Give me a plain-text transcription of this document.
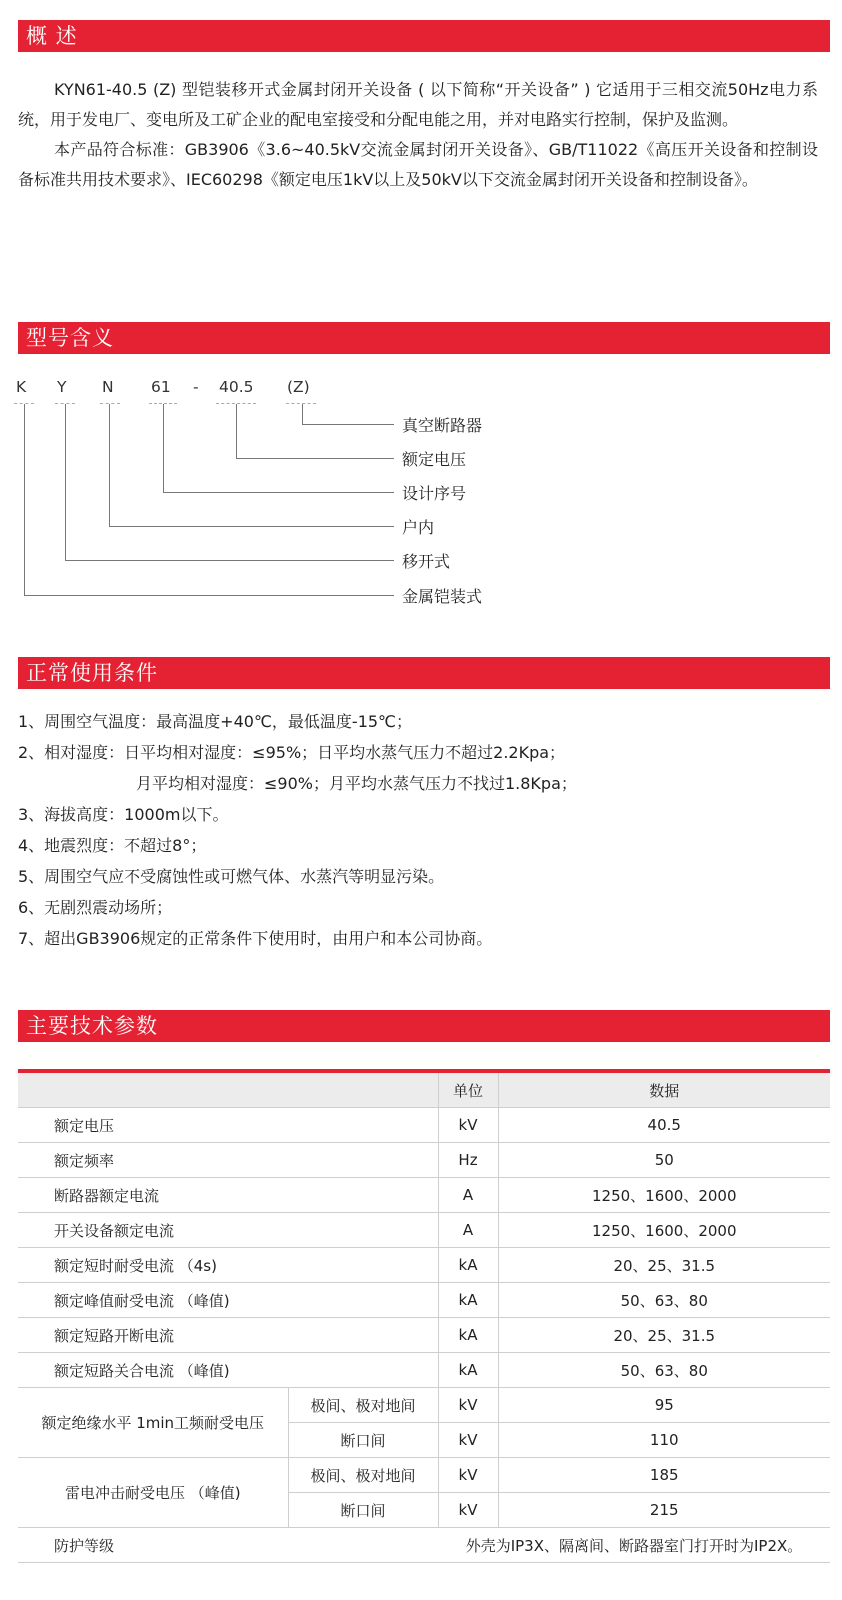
概 述

KYN61-40.5 (Z) 型铠装移开式金属封闭开关设备 ( 以下简称“开关设备” ) 它适用于三相交流50Hz电力系统，用于发电厂、变电所及工矿企业的配电室接受和分配电能之用，并对电路实行控制，保护及监测。

本产品符合标准：GB3906《3.6~40.5kV交流金属封闭开关设备》、GB/T11022《高压开关设备和控制设备标准共用技术要求》、IEC60298《额定电压1kV以上及50kV以下交流金属封闭开关设备和控制设备》。

型号含义
K Y N 61 - 40.5 (Z)
真空断路器
额定电压
设计序号
户内
移开式
金属铠装式
正常使用条件
1、周围空气温度：最高温度+40℃，最低温度-15℃；
2、相对湿度：日平均相对湿度：≤95%；日平均水蒸气压力不超过2.2Kpa；
月平均相对湿度：≤90%；月平均水蒸气压力不找过1.8Kpa；
3、海拔高度：1000m以下。
4、地震烈度：不超过8°；
5、周围空气应不受腐蚀性或可燃气体、水蒸汽等明显污染。
6、无剧烈震动场所；
7、超出GB3906规定的正常条件下使用时，由用户和本公司协商。
主要技术参数
		单位	数据
额定电压		kV	40.5
额定频率		Hz	50
断路器额定电流		A	1250、1600、2000
开关设备额定电流		A	1250、1600、2000
额定短时耐受电流 （4s)		kA	20、25、31.5
额定峰值耐受电流 （峰值)		kA	50、63、80
额定短路开断电流		kA	20、25、31.5
额定短路关合电流 （峰值)		kA	50、63、80
额定绝缘水平 1min工频耐受电压	极间、极对地间	kV	95
	断口间	kV	110
雷电冲击耐受电压 （峰值)	极间、极对地间	kV	185
	断口间	kV	215
防护等级		外壳为IP3X、隔离间、断路器室门打开时为IP2X。	
